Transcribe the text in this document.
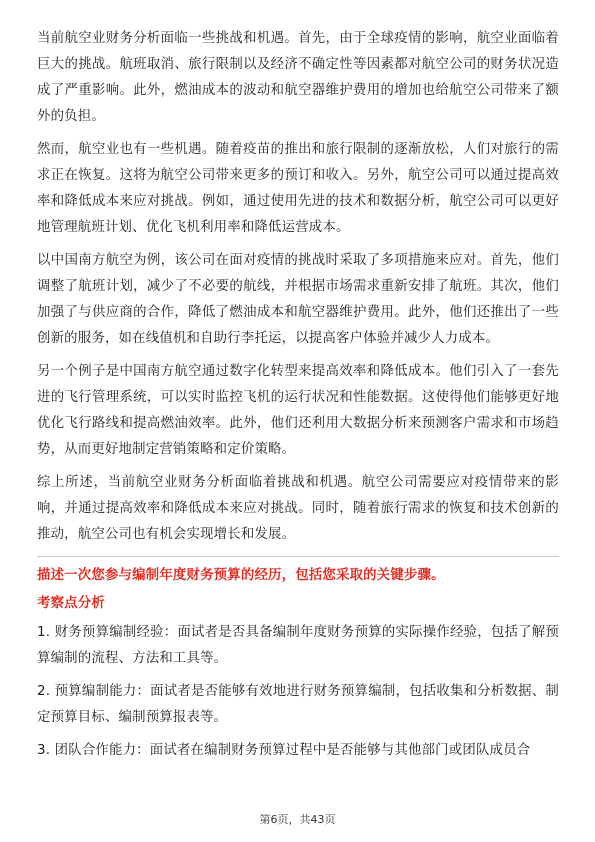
当前航空业财务分析面临一些挑战和机遇。首先，由于全球疫情的影响，航空业面临着巨大的挑战。航班取消、旅行限制以及经济不确定性等因素都对航空公司的财务状况造成了严重影响。此外，燃油成本的波动和航空器维护费用的增加也给航空公司带来了额外的负担。

然而，航空业也有一些机遇。随着疫苗的推出和旅行限制的逐渐放松，人们对旅行的需求正在恢复。这将为航空公司带来更多的预订和收入。另外，航空公司可以通过提高效率和降低成本来应对挑战。例如，通过使用先进的技术和数据分析，航空公司可以更好地管理航班计划、优化飞机利用率和降低运营成本。

以中国南方航空为例，该公司在面对疫情的挑战时采取了多项措施来应对。首先，他们调整了航班计划，减少了不必要的航线，并根据市场需求重新安排了航班。其次，他们加强了与供应商的合作，降低了燃油成本和航空器维护费用。此外，他们还推出了一些创新的服务，如在线值机和自助行李托运，以提高客户体验并减少人力成本。

另一个例子是中国南方航空通过数字化转型来提高效率和降低成本。他们引入了一套先进的飞行管理系统，可以实时监控飞机的运行状况和性能数据。这使得他们能够更好地优化飞行路线和提高燃油效率。此外，他们还利用大数据分析来预测客户需求和市场趋势，从而更好地制定营销策略和定价策略。

综上所述，当前航空业财务分析面临着挑战和机遇。航空公司需要应对疫情带来的影响，并通过提高效率和降低成本来应对挑战。同时，随着旅行需求的恢复和技术创新的推动，航空公司也有机会实现增长和发展。

描述一次您参与编制年度财务预算的经历，包括您采取的关键步骤。

考察点分析

1. 财务预算编制经验：面试者是否具备编制年度财务预算的实际操作经验，包括了解预算编制的流程、方法和工具等。

2. 预算编制能力：面试者是否能够有效地进行财务预算编制，包括收集和分析数据、制定预算目标、编制预算报表等。

3. 团队合作能力：面试者在编制财务预算过程中是否能够与其他部门或团队成员合

第6页，共43页
